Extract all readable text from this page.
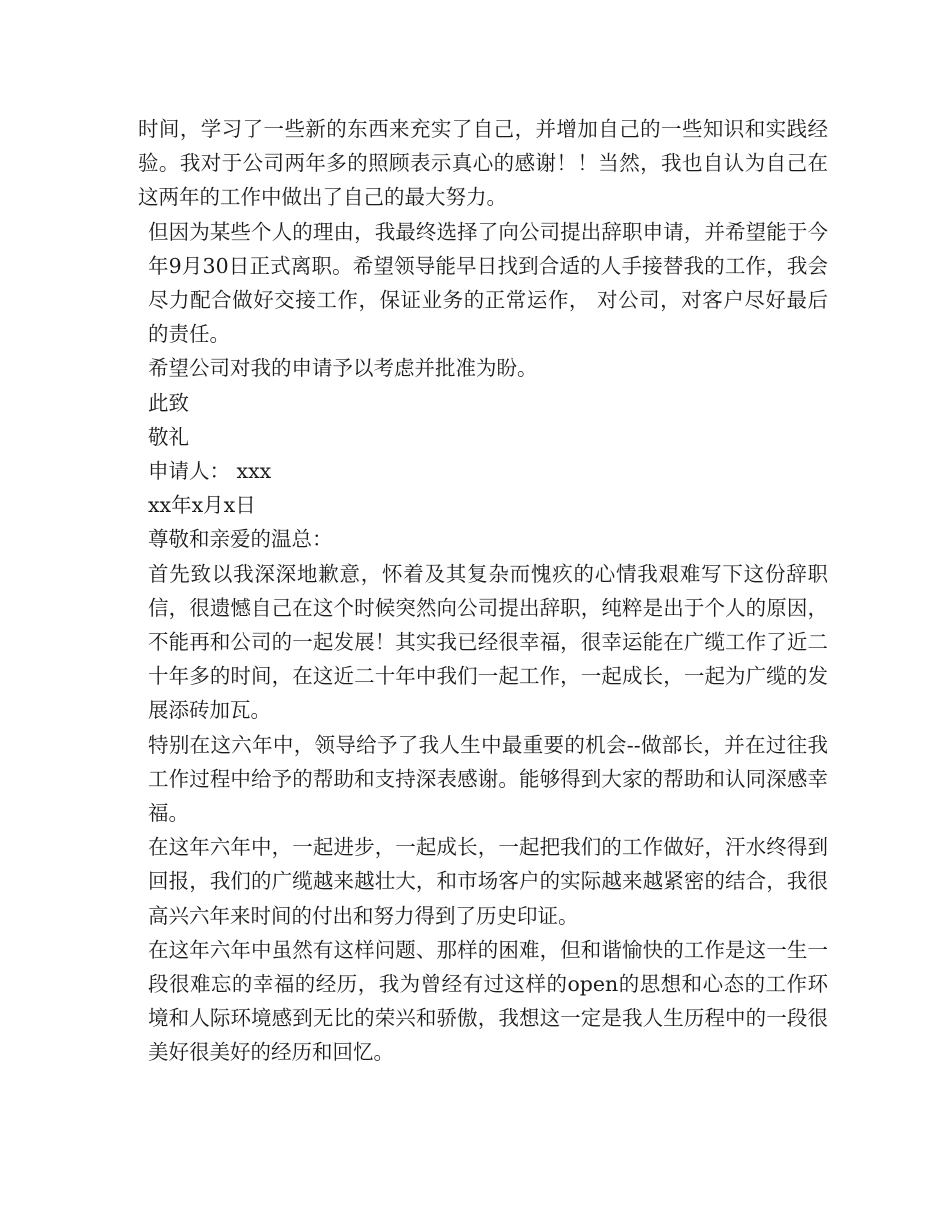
时间，学习了一些新的东西来充实了自己，并增加自己的一些知识和实践经验。我对于公司两年多的照顾表示真心的感谢！！当然，我也自认为自己在这两年的工作中做出了自己的最大努力。

但因为某些个人的理由，我最终选择了向公司提出辞职申请，并希望能于今年9月30日正式离职。希望领导能早日找到合适的人手接替我的工作，我会尽力配合做好交接工作，保证业务的正常运作， 对公司，对客户尽好最后的责任。

希望公司对我的申请予以考虑并批准为盼。

此致

敬礼

申请人： xxx

xx年x月x日

尊敬和亲爱的温总：

首先致以我深深地歉意，怀着及其复杂而愧疚的心情我艰难写下这份辞职信，很遗憾自己在这个时候突然向公司提出辞职，纯粹是出于个人的原因，不能再和公司的一起发展！其实我已经很幸福，很幸运能在广缆工作了近二十年多的时间，在这近二十年中我们一起工作，一起成长，一起为广缆的发展添砖加瓦。

特别在这六年中，领导给予了我人生中最重要的机会--做部长，并在过往我工作过程中给予的帮助和支持深表感谢。能够得到大家的帮助和认同深感幸福。

在这年六年中，一起进步，一起成长，一起把我们的工作做好，汗水终得到回报，我们的广缆越来越壮大，和市场客户的实际越来越紧密的结合，我很高兴六年来时间的付出和努力得到了历史印证。

在这年六年中虽然有这样问题、那样的困难，但和谐愉快的工作是这一生一段很难忘的幸福的经历，我为曾经有过这样的open的思想和心态的工作环境和人际环境感到无比的荣兴和骄傲，我想这一定是我人生历程中的一段很美好很美好的经历和回忆。
